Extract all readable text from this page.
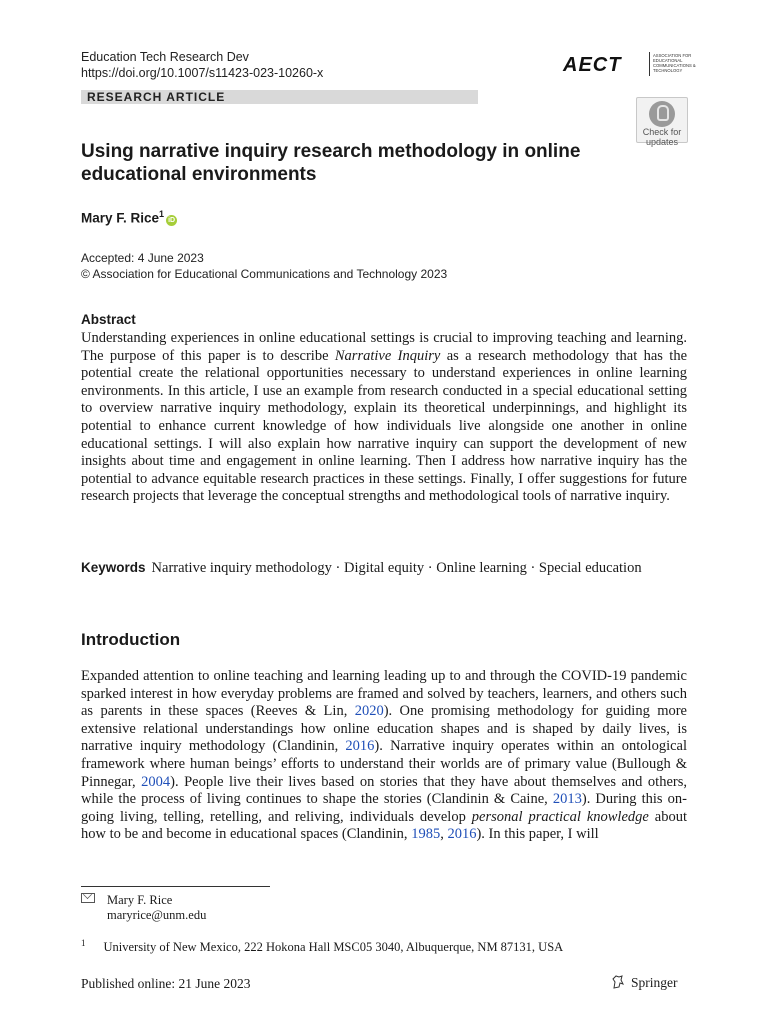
Education Tech Research Dev
https://doi.org/10.1007/s11423-023-10260-x	AECT	ASSOCIATION FOR EDUCATIONAL COMMUNICATIONS & TECHNOLOGY
RESEARCH ARTICLE
Check for
updates
Using narrative inquiry research methodology in online educational environments
Mary F. Rice$^1$iD
Accepted: 4 June 2023
© Association for Educational Communications and Technology 2023
Abstract
Understanding experiences in online educational settings is crucial to improving teaching and learning. The purpose of this paper is to describe Narrative Inquiry as a research methodology that has the potential create the relational opportunities necessary to understand experiences in online learning environments. In this article, I use an example from research conducted in a special educational setting to overview narrative inquiry methodology, explain its theoretical underpinnings, and highlight its potential to enhance current knowledge of how individuals live alongside one another in online educational settings. I will also explain how narrative inquiry can support the development of new insights about time and engagement in online learning. Then I address how narrative inquiry has the potential to advance equitable research practices in these settings. Finally, I offer suggestions for future research projects that leverage the conceptual strengths and methodological tools of narrative inquiry.
Keywords Narrative inquiry methodology · Digital equity · Online learning · Special education
Introduction
Expanded attention to online teaching and learning leading up to and through the COVID-19 pandemic sparked interest in how everyday problems are framed and solved by teachers, learners, and others such as parents in these spaces (Reeves & Lin, 2020). One promising methodology for guiding more extensive relational understandings how online education shapes and is shaped by daily lives, is narrative inquiry methodology (Clandinin, 2016). Narrative inquiry operates within an ontological framework where human beings’ efforts to understand their worlds are of primary value (Bullough & Pinnegar, 2004). People live their lives based on stories that they have about themselves and others, while the process of living continues to shape the stories (Clandinin & Caine, 2013). During this on-going living, telling, retelling, and reliving, individuals develop personal practical knowledge about how to be and become in educational spaces (Clandinin, 1985, 2016). In this paper, I will
Mary F. Rice
maryrice@unm.edu
$^1$ University of New Mexico, 222 Hokona Hall MSC05 3040, Albuquerque, NM 87131, USA
Published online: 21 June 2023	Springer
